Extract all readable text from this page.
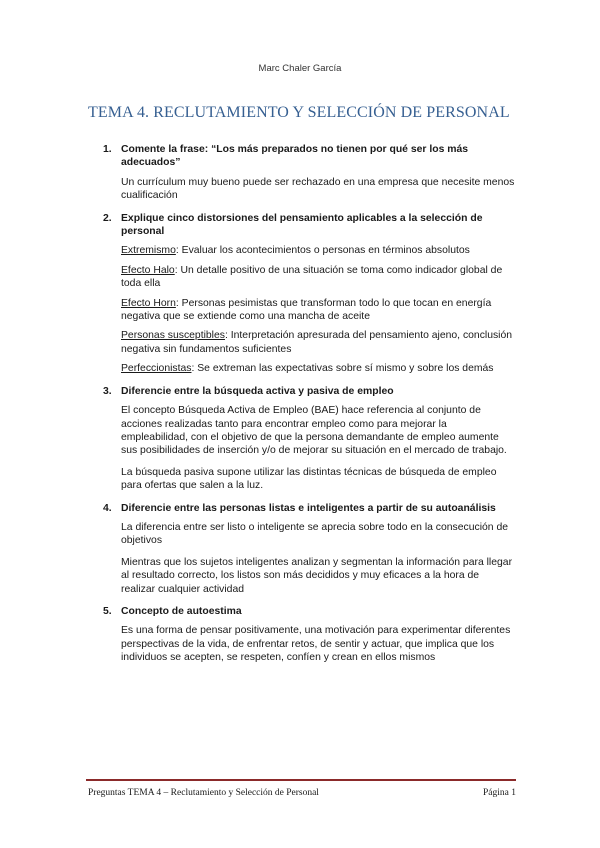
Marc Chaler García
TEMA 4. RECLUTAMIENTO Y SELECCIÓN DE PERSONAL
1. Comente la frase: “Los más preparados no tienen por qué ser los más adecuados”
Un currículum muy bueno puede ser rechazado en una empresa que necesite menos cualificación
2. Explique cinco distorsiones del pensamiento aplicables a la selección de personal
Extremismo: Evaluar los acontecimientos o personas en términos absolutos
Efecto Halo: Un detalle positivo de una situación se toma como indicador global de toda ella
Efecto Horn: Personas pesimistas que transforman todo lo que tocan en energía negativa que se extiende como una mancha de aceite
Personas susceptibles: Interpretación apresurada del pensamiento ajeno, conclusión negativa sin fundamentos suficientes
Perfeccionistas: Se extreman las expectativas sobre sí mismo y sobre los demás
3. Diferencie entre la búsqueda activa y pasiva de empleo
El concepto Búsqueda Activa de Empleo (BAE) hace referencia al conjunto de acciones realizadas tanto para encontrar empleo como para mejorar la empleabilidad, con el objetivo de que la persona demandante de empleo aumente sus posibilidades de inserción y/o de mejorar su situación en el mercado de trabajo.
La búsqueda pasiva supone utilizar las distintas técnicas de búsqueda de empleo para ofertas que salen a la luz.
4. Diferencie entre las personas listas e inteligentes a partir de su autoanálisis
La diferencia entre ser listo o inteligente se aprecia sobre todo en la consecución de objetivos
Mientras que los sujetos inteligentes analizan y segmentan la información para llegar al resultado correcto, los listos son más decididos y muy eficaces a la hora de realizar cualquier actividad
5. Concepto de autoestima
Es una forma de pensar positivamente, una motivación para experimentar diferentes perspectivas de la vida, de enfrentar retos, de sentir y actuar, que implica que los individuos se acepten, se respeten, confíen y crean en ellos mismos
Preguntas TEMA 4 – Reclutamiento y Selección de Personal	Página 1
